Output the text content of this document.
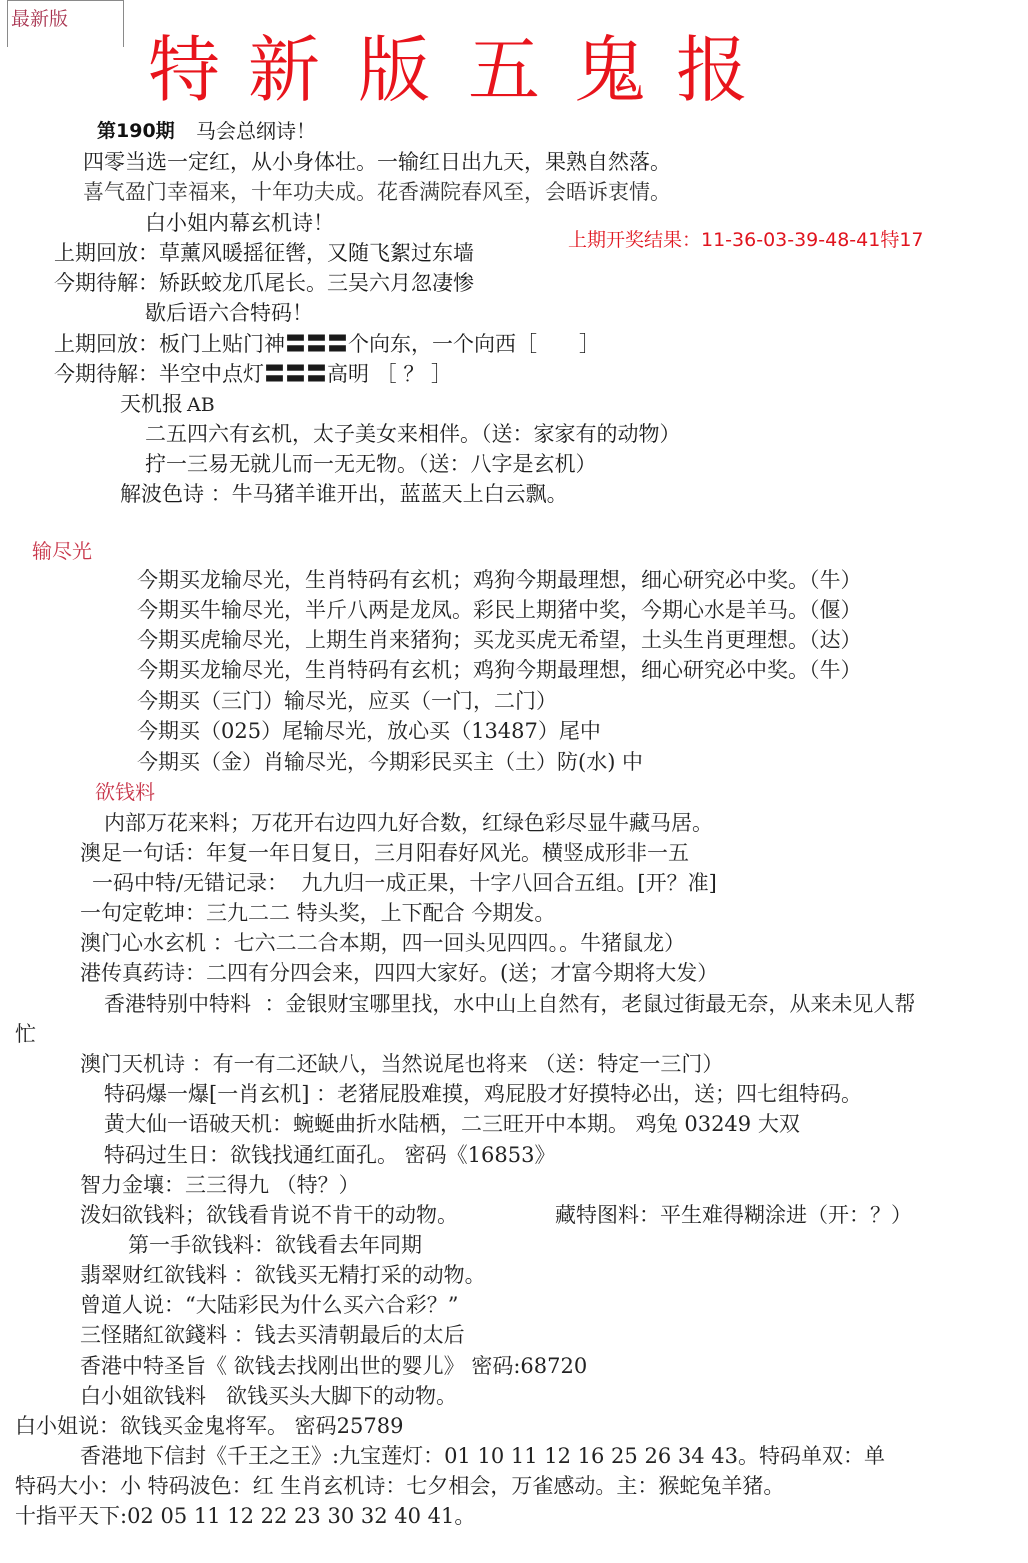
最新版
特 新 版 五 鬼 报
第190期 马会总纲诗！
四零当选一定红，从小身体壮。一输红日出九天，果熟自然落。
喜气盈门幸福来，十年功夫成。花香满院春风至，会晤诉衷情。
白小姐内幕玄机诗！
上期开奖结果：11-36-03-39-48-41特17
上期回放：草薰风暖摇征辔，又随飞絮过东墙
今期待解：矫跃蛟龙爪尾长。三吴六月忽凄惨
歇后语六合特码！
上期回放：板门上贴门神〓〓〓个向东，一个向西［　　］
今期待解：半空中点灯〓〓〓高明 ［ ？ ］
天机报 AB
二五四六有玄机，太子美女来相伴。（送：家家有的动物）
拧一三易无就儿而一无无物。（送：八字是玄机）
解波色诗 ：牛马猪羊谁开出，蓝蓝天上白云飘。
输尽光
今期买龙输尽光，生肖特码有玄机；鸡狗今期最理想，细心研究必中奖。（牛）
今期买牛输尽光，半斤八两是龙凤。彩民上期猪中奖，今期心水是羊马。（偃）
今期买虎输尽光，上期生肖来猪狗；买龙买虎无希望，土头生肖更理想。（达）
今期买龙输尽光，生肖特码有玄机；鸡狗今期最理想，细心研究必中奖。（牛）
今期买（三门）输尽光，应买（一门，二门）
今期买（025）尾输尽光，放心买（13487）尾中
今期买（金）肖输尽光，今期彩民买主（土）防(水) 中
欲钱料
内部万花来料；万花开右边四九好合数，红绿色彩尽显牛藏马居。
澳足一句话：年复一年日复日，三月阳春好风光。横竖成形非一五
一码中特/无错记录：  九九归一成正果，十字八回合五组。[开？准]
一句定乾坤：三九二二 特头奖，上下配合 今期发。
澳门心水玄机 ：七六二二合本期，四一回头见四四。。牛猪鼠龙）
港传真药诗：二四有分四会来，四四大家好。(送；才富今期将大发）
香港特别中特料  ：金银财宝哪里找，水中山上自然有，老鼠过街最无奈，从来未见人帮
忙
澳门天机诗 ：有一有二还缺八，当然说尾也将来 （送：特定一三门）
特码爆一爆[一肖玄机] ：老猪屁股难摸，鸡屁股才好摸特必出，送；四七组特码。
黄大仙一语破天机：蜿蜒曲折水陆栖，二三旺开中本期。 鸡兔 03249 大双
特码过生日：欲钱找通红面孔。 密码《16853》
智力金壤：三三得九 （特？）
泼妇欲钱料；欲钱看肯说不肯干的动物。	藏特图料：平生难得糊涂进（开：？）
第一手欲钱料：欲钱看去年同期
翡翠财红欲钱料 ：欲钱买无精打采的动物。
曾道人说：“大陆彩民为什么买六合彩？”
三怪賭紅欲錢料 ：钱去买清朝最后的太后
香港中特圣旨《 欲钱去找刚出世的婴儿》 密码:68720
白小姐欲钱料   欲钱买头大脚下的动物。
白小姐说：欲钱买金鬼将军。 密码25789
香港地下信封《千王之王》:九宝莲灯：01 10 11 12 16 25 26 34 43。特码单双：单
特码大小：小 特码波色：红 生肖玄机诗：七夕相会，万雀感动。主：猴蛇兔羊猪。
十指平天下:02 05 11 12 22 23 30 32 40 41。
